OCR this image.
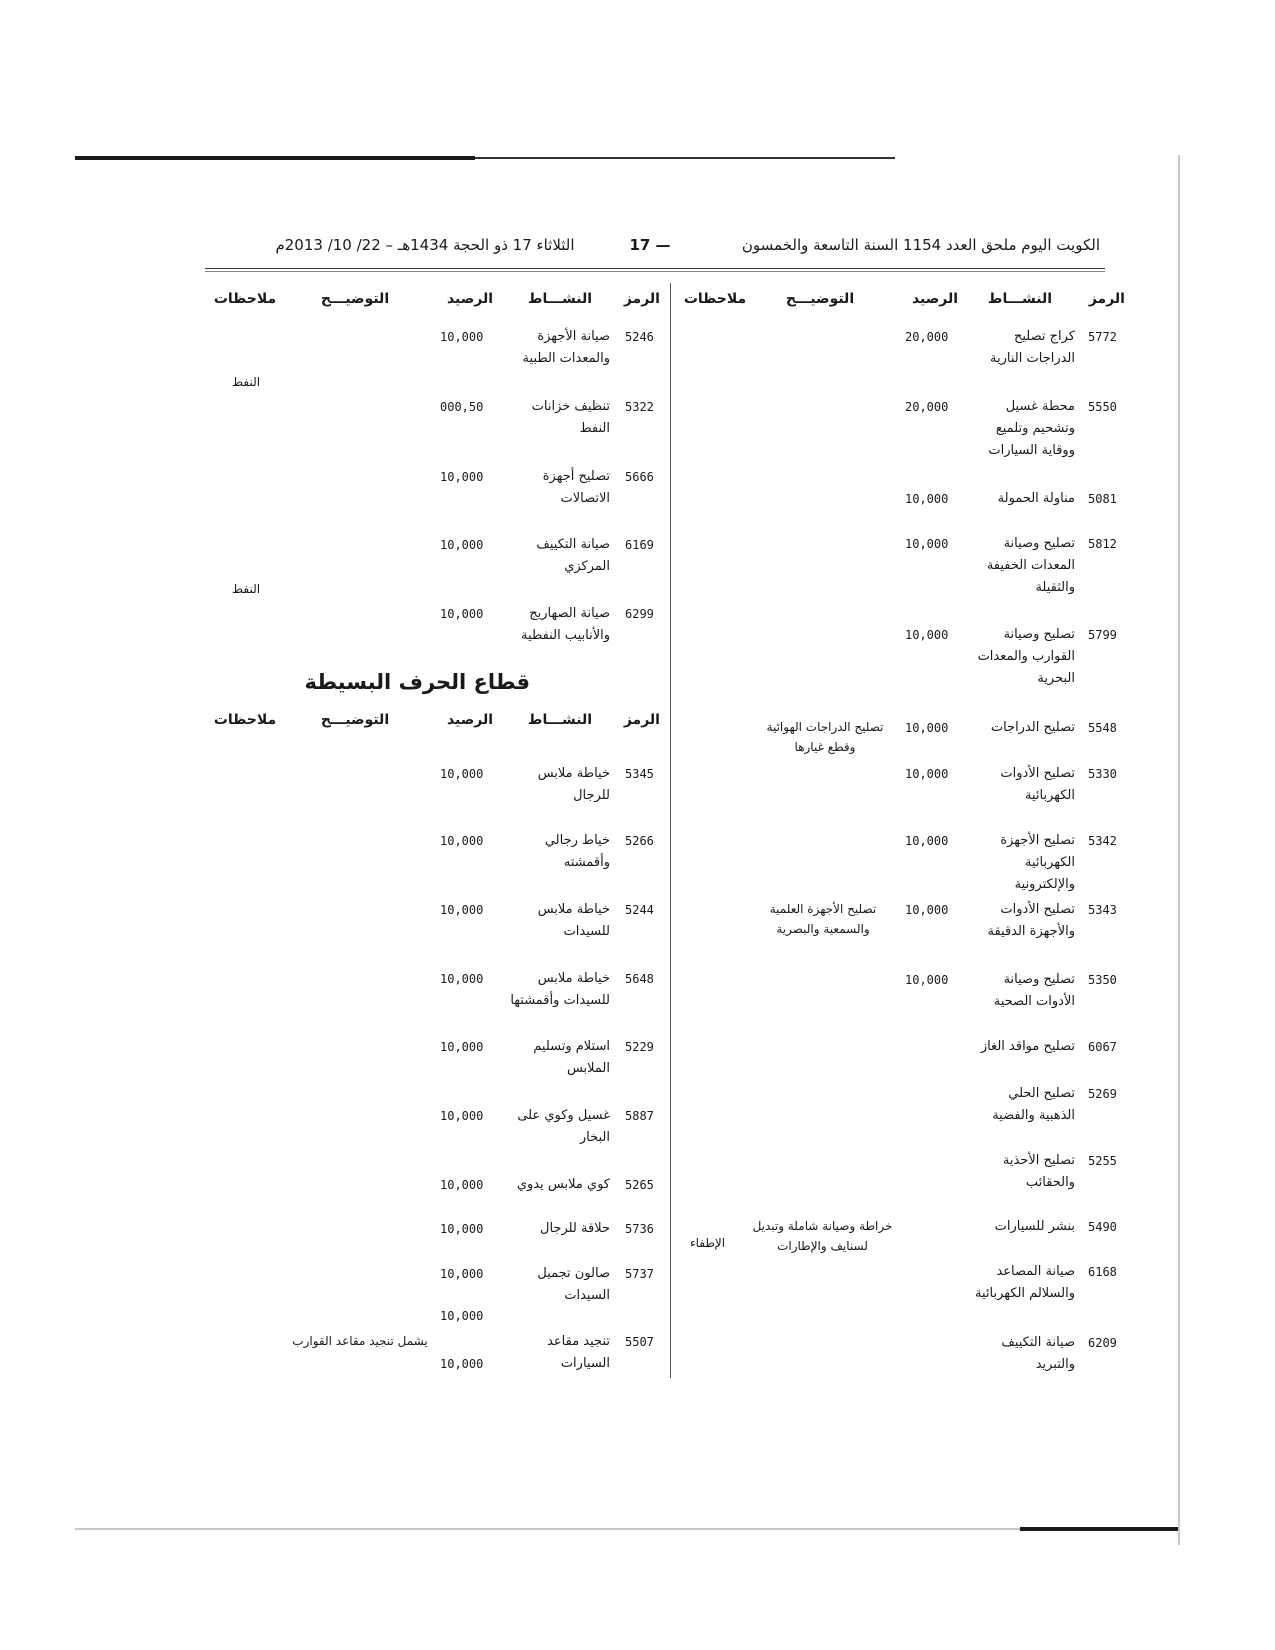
الكويت اليوم ملحق العدد 1154 السنة التاسعة والخمسون
— 17
الثلاثاء 17 ذو الحجة 1434هـ – 22/ 10/ 2013م
الرمز
النشـــاط
الرصيد
التوضيـــح
ملاحظات
الرمز
النشـــاط
الرصيد
التوضيـــح
ملاحظات
5772
كراج تصليح الدراجات النارية
20,000
5550
محطة غسيل وتشحيم وتلميع ووقاية السيارات
20,000
5081
مناولة الحمولة
10,000
5812
تصليح وصيانة المعدات الخفيفة والثقيلة
10,000
5799
تصليح وصيانة القوارب والمعدات البحرية
10,000
5548
تصليح الدراجات
10,000
تصليح الدراجات الهوائية وقطع غيارها
5330
تصليح الأدوات الكهربائية
10,000
5342
تصليح الأجهزة الكهربائية والإلكترونية
10,000
5343
تصليح الأدوات والأجهزة الدقيقة
10,000
تصليح الأجهزة العلمية والسمعية والبصرية
5350
تصليح وصيانة الأدوات الصحية
10,000
6067
تصليح مواقد الغاز
5269
تصليح الحلي الذهبية والفضية
5255
تصليح الأحذية والحقائب
5490
بنشر للسيارات
خراطة وصيانة شاملة وتبديل لسنايف والإطارات
الإطفاء
6168
صيانة المصاعد والسلالم الكهربائية
6209
صيانة التكييف والتبريد
5246
صيانة الأجهزة والمعدات الطبية
10,000
النفط
5322
تنظيف خزانات النفط
000,50
5666
تصليح أجهزة الاتصالات
10,000
6169
صيانة التكييف المركزي
10,000
النفط
6299
صيانة الصهاريج والأنابيب النفطية
10,000
قطاع الحرف البسيطة
الرمز
النشـــاط
الرصيد
التوضيـــح
ملاحظات
5345
خياطة ملابس للرجال
10,000
5266
خياط رجالي وأقمشته
10,000
5244
خياطة ملابس للسيدات
10,000
5648
خياطة ملابس للسيدات وأقمشتها
10,000
5229
استلام وتسليم الملابس
10,000
5887
غسيل وكوي على البخار
10,000
5265
كوي ملابس يدوي
10,000
5736
حلاقة للرجال
10,000
5737
صالون تجميل السيدات
10,000
10,000
5507
تنجيد مقاعد السيارات
يشمل تنجيد مقاعد القوارب
10,000
